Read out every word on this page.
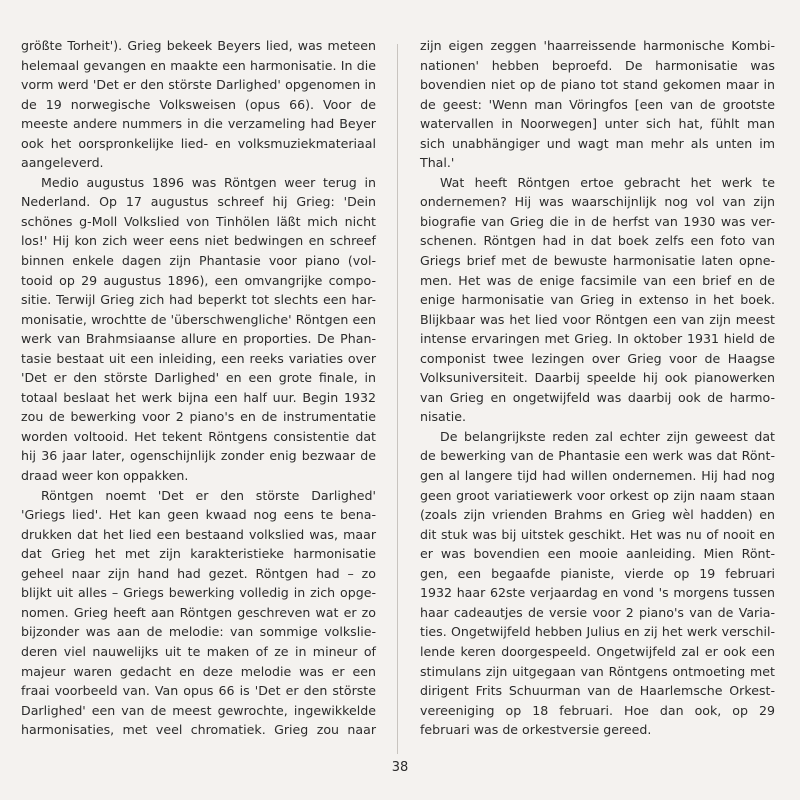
größte Torheit'). Grieg bekeek Beyers lied, was meteen
helemaal gevangen en maakte een harmonisatie. In die
vorm werd 'Det er den störste Darlighed' opgenomen in
de 19 norwegische Volksweisen (opus 66). Voor de
meeste andere nummers in die verzameling had Beyer
ook het oorspronkelijke lied- en volksmuziekmateriaal
aangeleverd.
Medio augustus 1896 was Röntgen weer terug in
Nederland. Op 17 augustus schreef hij Grieg: 'Dein
schönes g-Moll Volkslied von Tinhölen läßt mich nicht
los!' Hij kon zich weer eens niet bedwingen en schreef
binnen enkele dagen zijn Phantasie voor piano (vol-
tooid op 29 augustus 1896), een omvangrijke compo-
sitie. Terwijl Grieg zich had beperkt tot slechts een har-
monisatie, wrochtte de 'überschwengliche' Röntgen een
werk van Brahmsiaanse allure en proporties. De Phan-
tasie bestaat uit een inleiding, een reeks variaties over
'Det er den störste Darlighed' en een grote finale, in
totaal beslaat het werk bijna een half uur. Begin 1932
zou de bewerking voor 2 piano's en de instrumentatie
worden voltooid. Het tekent Röntgens consistentie dat
hij 36 jaar later, ogenschijnlijk zonder enig bezwaar de
draad weer kon oppakken.
Röntgen noemt 'Det er den störste Darlighed'
'Griegs lied'. Het kan geen kwaad nog eens te bena-
drukken dat het lied een bestaand volkslied was, maar
dat Grieg het met zijn karakteristieke harmonisatie
geheel naar zijn hand had gezet. Röntgen had – zo
blijkt uit alles – Griegs bewerking volledig in zich opge-
nomen. Grieg heeft aan Röntgen geschreven wat er zo
bijzonder was aan de melodie: van sommige volkslie-
deren viel nauwelijks uit te maken of ze in mineur of
majeur waren gedacht en deze melodie was er een
fraai voorbeeld van. Van opus 66 is 'Det er den störste
Darlighed' een van de meest gewrochte, ingewikkelde
harmonisaties, met veel chromatiek. Grieg zou naar
zijn eigen zeggen 'haarreissende harmonische Kombi-
nationen' hebben beproefd. De harmonisatie was
bovendien niet op de piano tot stand gekomen maar in
de geest: 'Wenn man Vöringfos [een van de grootste
watervallen in Noorwegen] unter sich hat, fühlt man
sich unabhängiger und wagt man mehr als unten im
Thal.'
Wat heeft Röntgen ertoe gebracht het werk te
ondernemen? Hij was waarschijnlijk nog vol van zijn
biografie van Grieg die in de herfst van 1930 was ver-
schenen. Röntgen had in dat boek zelfs een foto van
Griegs brief met de bewuste harmonisatie laten opne-
men. Het was de enige facsimile van een brief en de
enige harmonisatie van Grieg in extenso in het boek.
Blijkbaar was het lied voor Röntgen een van zijn meest
intense ervaringen met Grieg. In oktober 1931 hield de
componist twee lezingen over Grieg voor de Haagse
Volksuniversiteit. Daarbij speelde hij ook pianowerken
van Grieg en ongetwijfeld was daarbij ook de harmo-
nisatie.
De belangrijkste reden zal echter zijn geweest dat
de bewerking van de Phantasie een werk was dat Rönt-
gen al langere tijd had willen ondernemen. Hij had nog
geen groot variatiewerk voor orkest op zijn naam staan
(zoals zijn vrienden Brahms en Grieg wèl hadden) en
dit stuk was bij uitstek geschikt. Het was nu of nooit en
er was bovendien een mooie aanleiding. Mien Rönt-
gen, een begaafde pianiste, vierde op 19 februari
1932 haar 62ste verjaardag en vond 's morgens tussen
haar cadeautjes de versie voor 2 piano's van de Varia-
ties. Ongetwijfeld hebben Julius en zij het werk verschil-
lende keren doorgespeeld. Ongetwijfeld zal er ook een
stimulans zijn uitgegaan van Röntgens ontmoeting met
dirigent Frits Schuurman van de Haarlemsche Orkest-
vereeniging op 18 februari. Hoe dan ook, op 29
februari was de orkestversie gereed.
38
